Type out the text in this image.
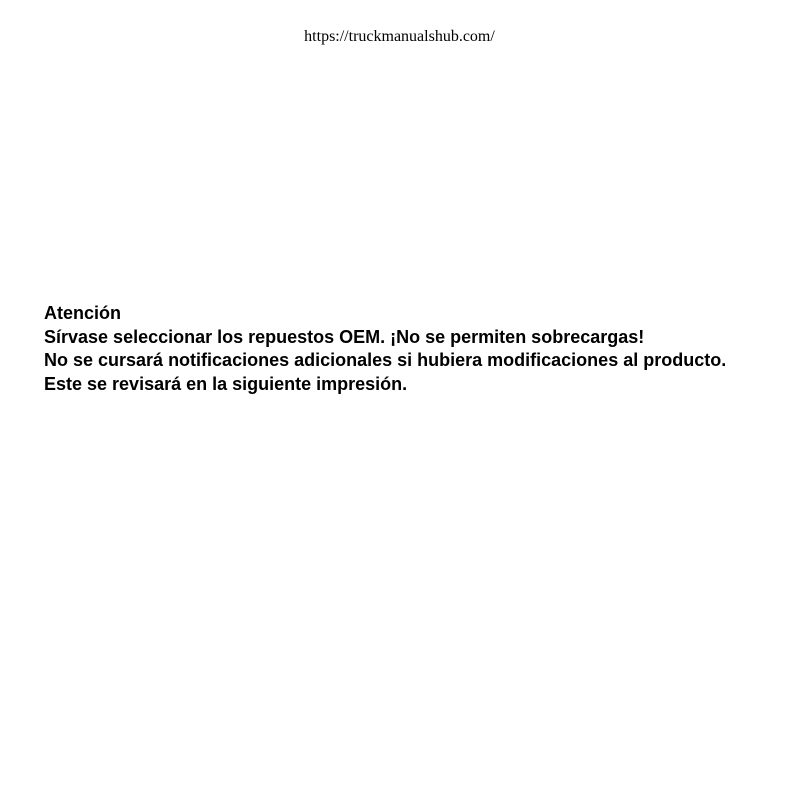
https://truckmanualshub.com/
Atención
Sírvase seleccionar los repuestos OEM. ¡No se permiten sobrecargas!
No se cursará notificaciones adicionales si hubiera modificaciones al producto.
Este se revisará en la siguiente impresión.
